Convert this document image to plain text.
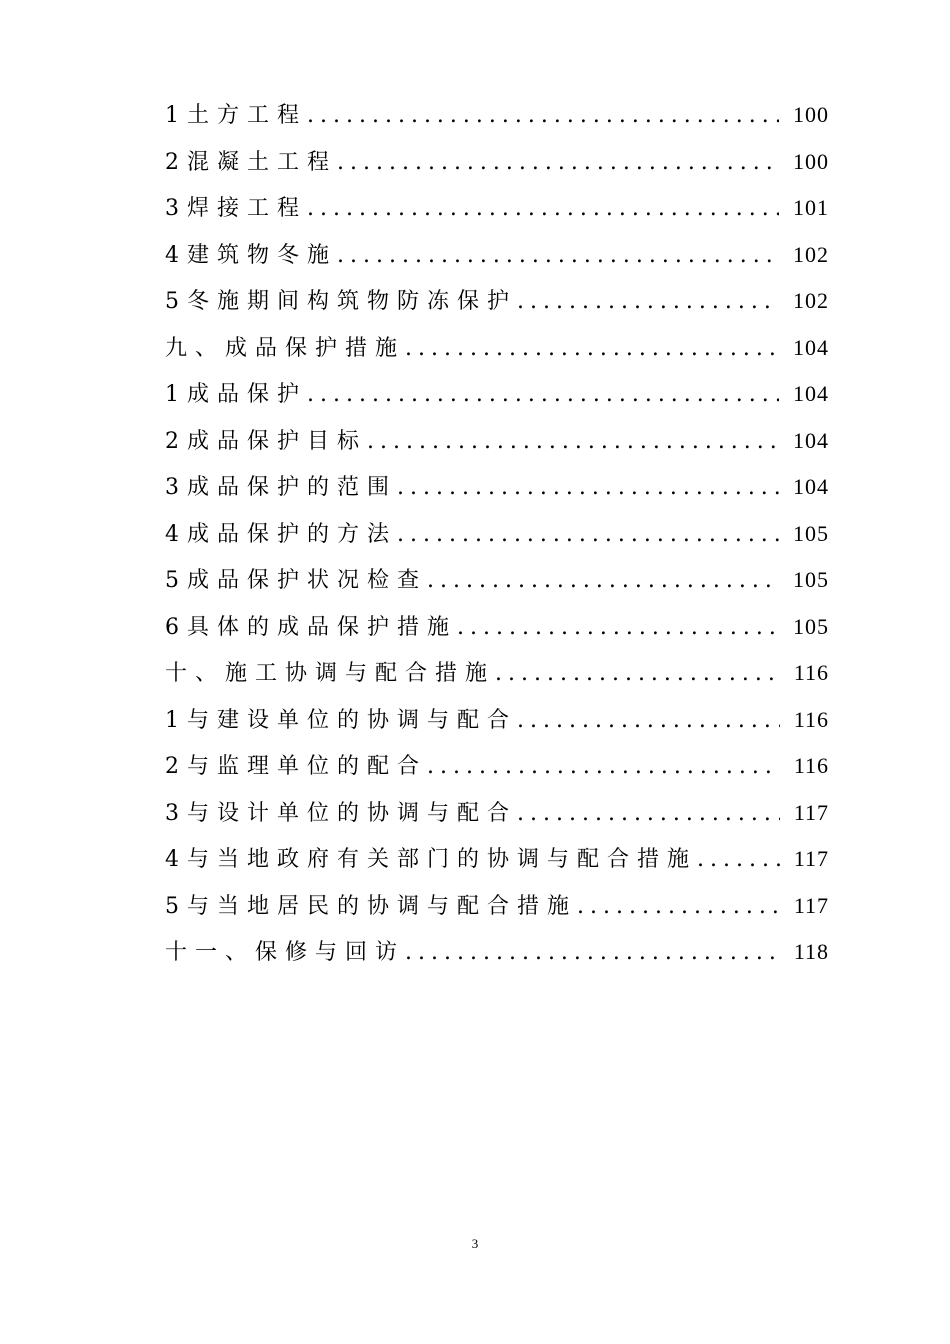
1土方工程 .....	100
2混凝土工程 .....	100
3焊接工程 .....	101
4建筑物冬施 .....	102
5冬施期间构筑物防冻保护 .....	102
九、成品保护措施 .....	104
1成品保护 .....	104
2成品保护目标 .....	104
3成品保护的范围 .....	104
4成品保护的方法 .....	105
5成品保护状况检查 .....	105
6具体的成品保护措施 .....	105
十、施工协调与配合措施 .....	116
1与建设单位的协调与配合 .....	116
2与监理单位的配合 .....	116
3与设计单位的协调与配合 .....	117
4与当地政府有关部门的协调与配合措施 .....	117
5与当地居民的协调与配合措施 .....	117
十一、保修与回访 .....	118
3
